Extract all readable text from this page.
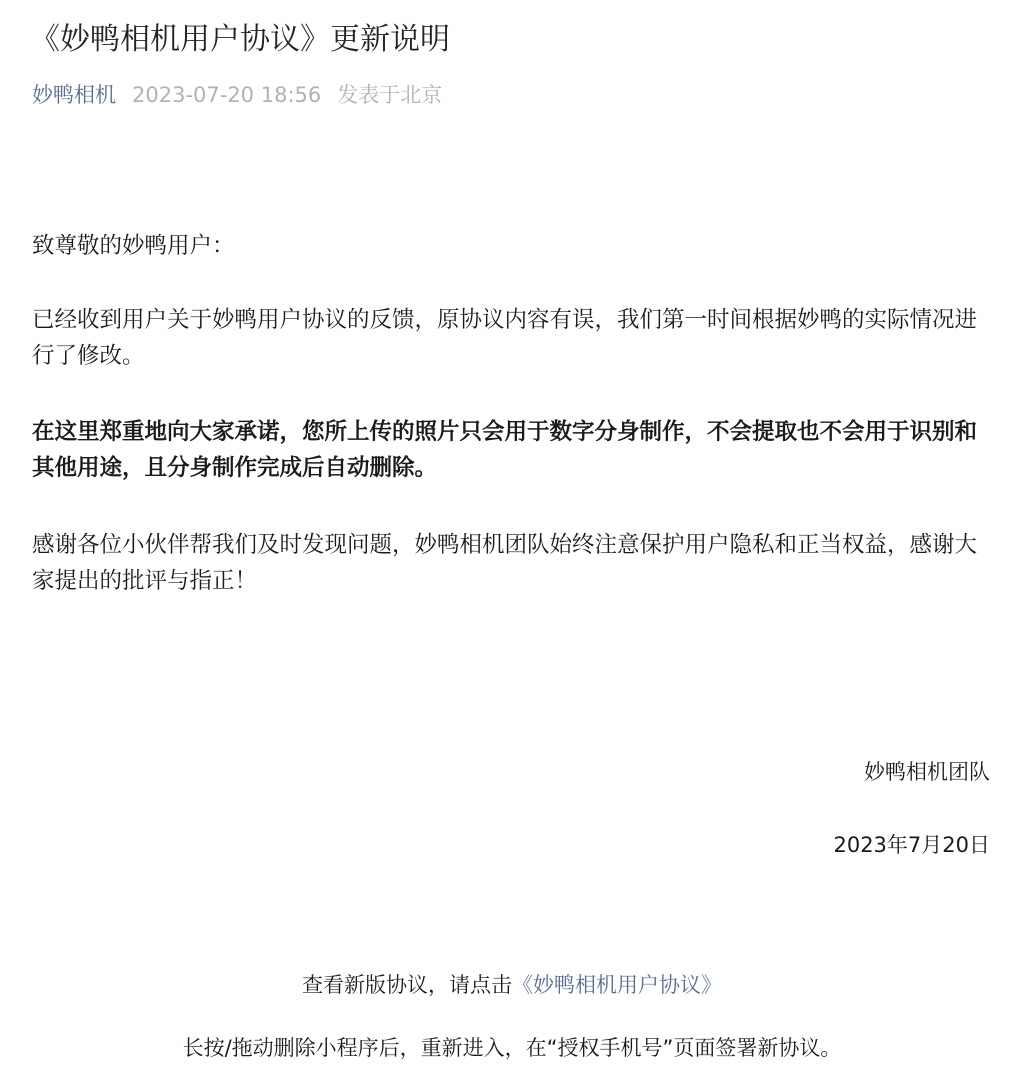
《妙鸭相机用户协议》更新说明
妙鸭相机 2023-07-20 18:56 发表于北京
致尊敬的妙鸭用户：
已经收到用户关于妙鸭用户协议的反馈，原协议内容有误，我们第一时间根据妙鸭的实际情况进行了修改。
在这里郑重地向大家承诺，您所上传的照片只会用于数字分身制作，不会提取也不会用于识别和其他用途，且分身制作完成后自动删除。
感谢各位小伙伴帮我们及时发现问题，妙鸭相机团队始终注意保护用户隐私和正当权益，感谢大家提出的批评与指正！
妙鸭相机团队
2023年7月20日
查看新版协议，请点击《妙鸭相机用户协议》
长按/拖动删除小程序后，重新进入，在“授权手机号”页面签署新协议。
